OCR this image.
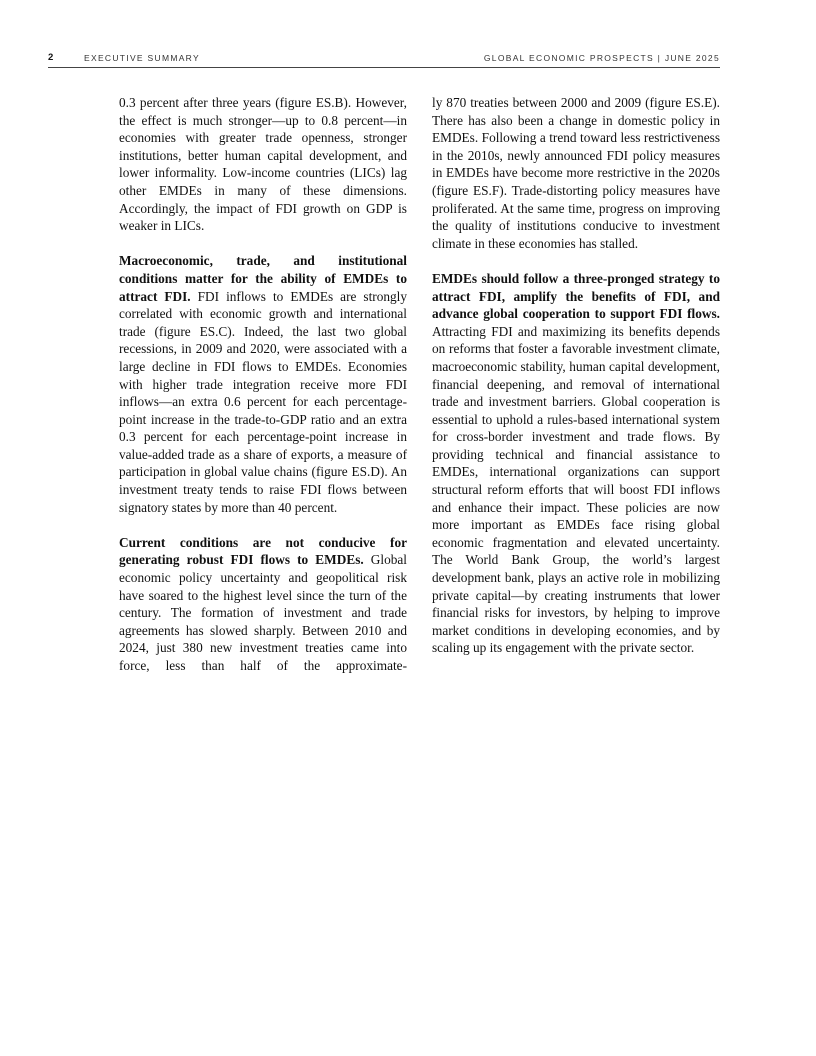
2	EXECUTIVE SUMMARY	GLOBAL ECONOMIC PROSPECTS | JUNE 2025

0.3 percent after three years (figure ES.B). However, the effect is much stronger—up to 0.8 percent—in economies with greater trade openness, stronger institutions, better human capital development, and lower informality. Low-income countries (LICs) lag other EMDEs in many of these dimensions. Accordingly, the impact of FDI growth on GDP is weaker in LICs.

Macroeconomic, trade, and institutional conditions matter for the ability of EMDEs to attract FDI. FDI inflows to EMDEs are strongly correlated with economic growth and international trade (figure ES.C). Indeed, the last two global recessions, in 2009 and 2020, were associated with a large decline in FDI flows to EMDEs. Economies with higher trade integration receive more FDI inflows—an extra 0.6 percent for each percentage-point increase in the trade-to-GDP ratio and an extra 0.3 percent for each percentage-point increase in value-added trade as a share of exports, a measure of participation in global value chains (figure ES.D). An investment treaty tends to raise FDI flows between signatory states by more than 40 percent.

Current conditions are not conducive for generating robust FDI flows to EMDEs. Global economic policy uncertainty and geopolitical risk have soared to the highest level since the turn of the century. The formation of investment and trade agreements has slowed sharply. Between 2010 and 2024, just 380 new investment treaties came into force, less than half of the approximate-

ly 870 treaties between 2000 and 2009 (figure ES.E). There has also been a change in domestic policy in EMDEs. Following a trend toward less restrictiveness in the 2010s, newly announced FDI policy measures in EMDEs have become more restrictive in the 2020s (figure ES.F). Trade-distorting policy measures have proliferated. At the same time, progress on improving the quality of institutions conducive to investment climate in these economies has stalled.

EMDEs should follow a three-pronged strategy to attract FDI, amplify the benefits of FDI, and advance global cooperation to support FDI flows. Attracting FDI and maximizing its benefits depends on reforms that foster a favorable investment climate, macroeconomic stability, human capital development, financial deepening, and removal of international trade and investment barriers. Global cooperation is essential to uphold a rules-based international system for cross-border investment and trade flows. By providing technical and financial assistance to EMDEs, international organizations can support structural reform efforts that will boost FDI inflows and enhance their impact. These policies are now more important as EMDEs face rising global economic fragmentation and elevated uncertainty. The World Bank Group, the world’s largest development bank, plays an active role in mobilizing private capital—by creating instruments that lower financial risks for investors, by helping to improve market conditions in developing economies, and by scaling up its engagement with the private sector.
